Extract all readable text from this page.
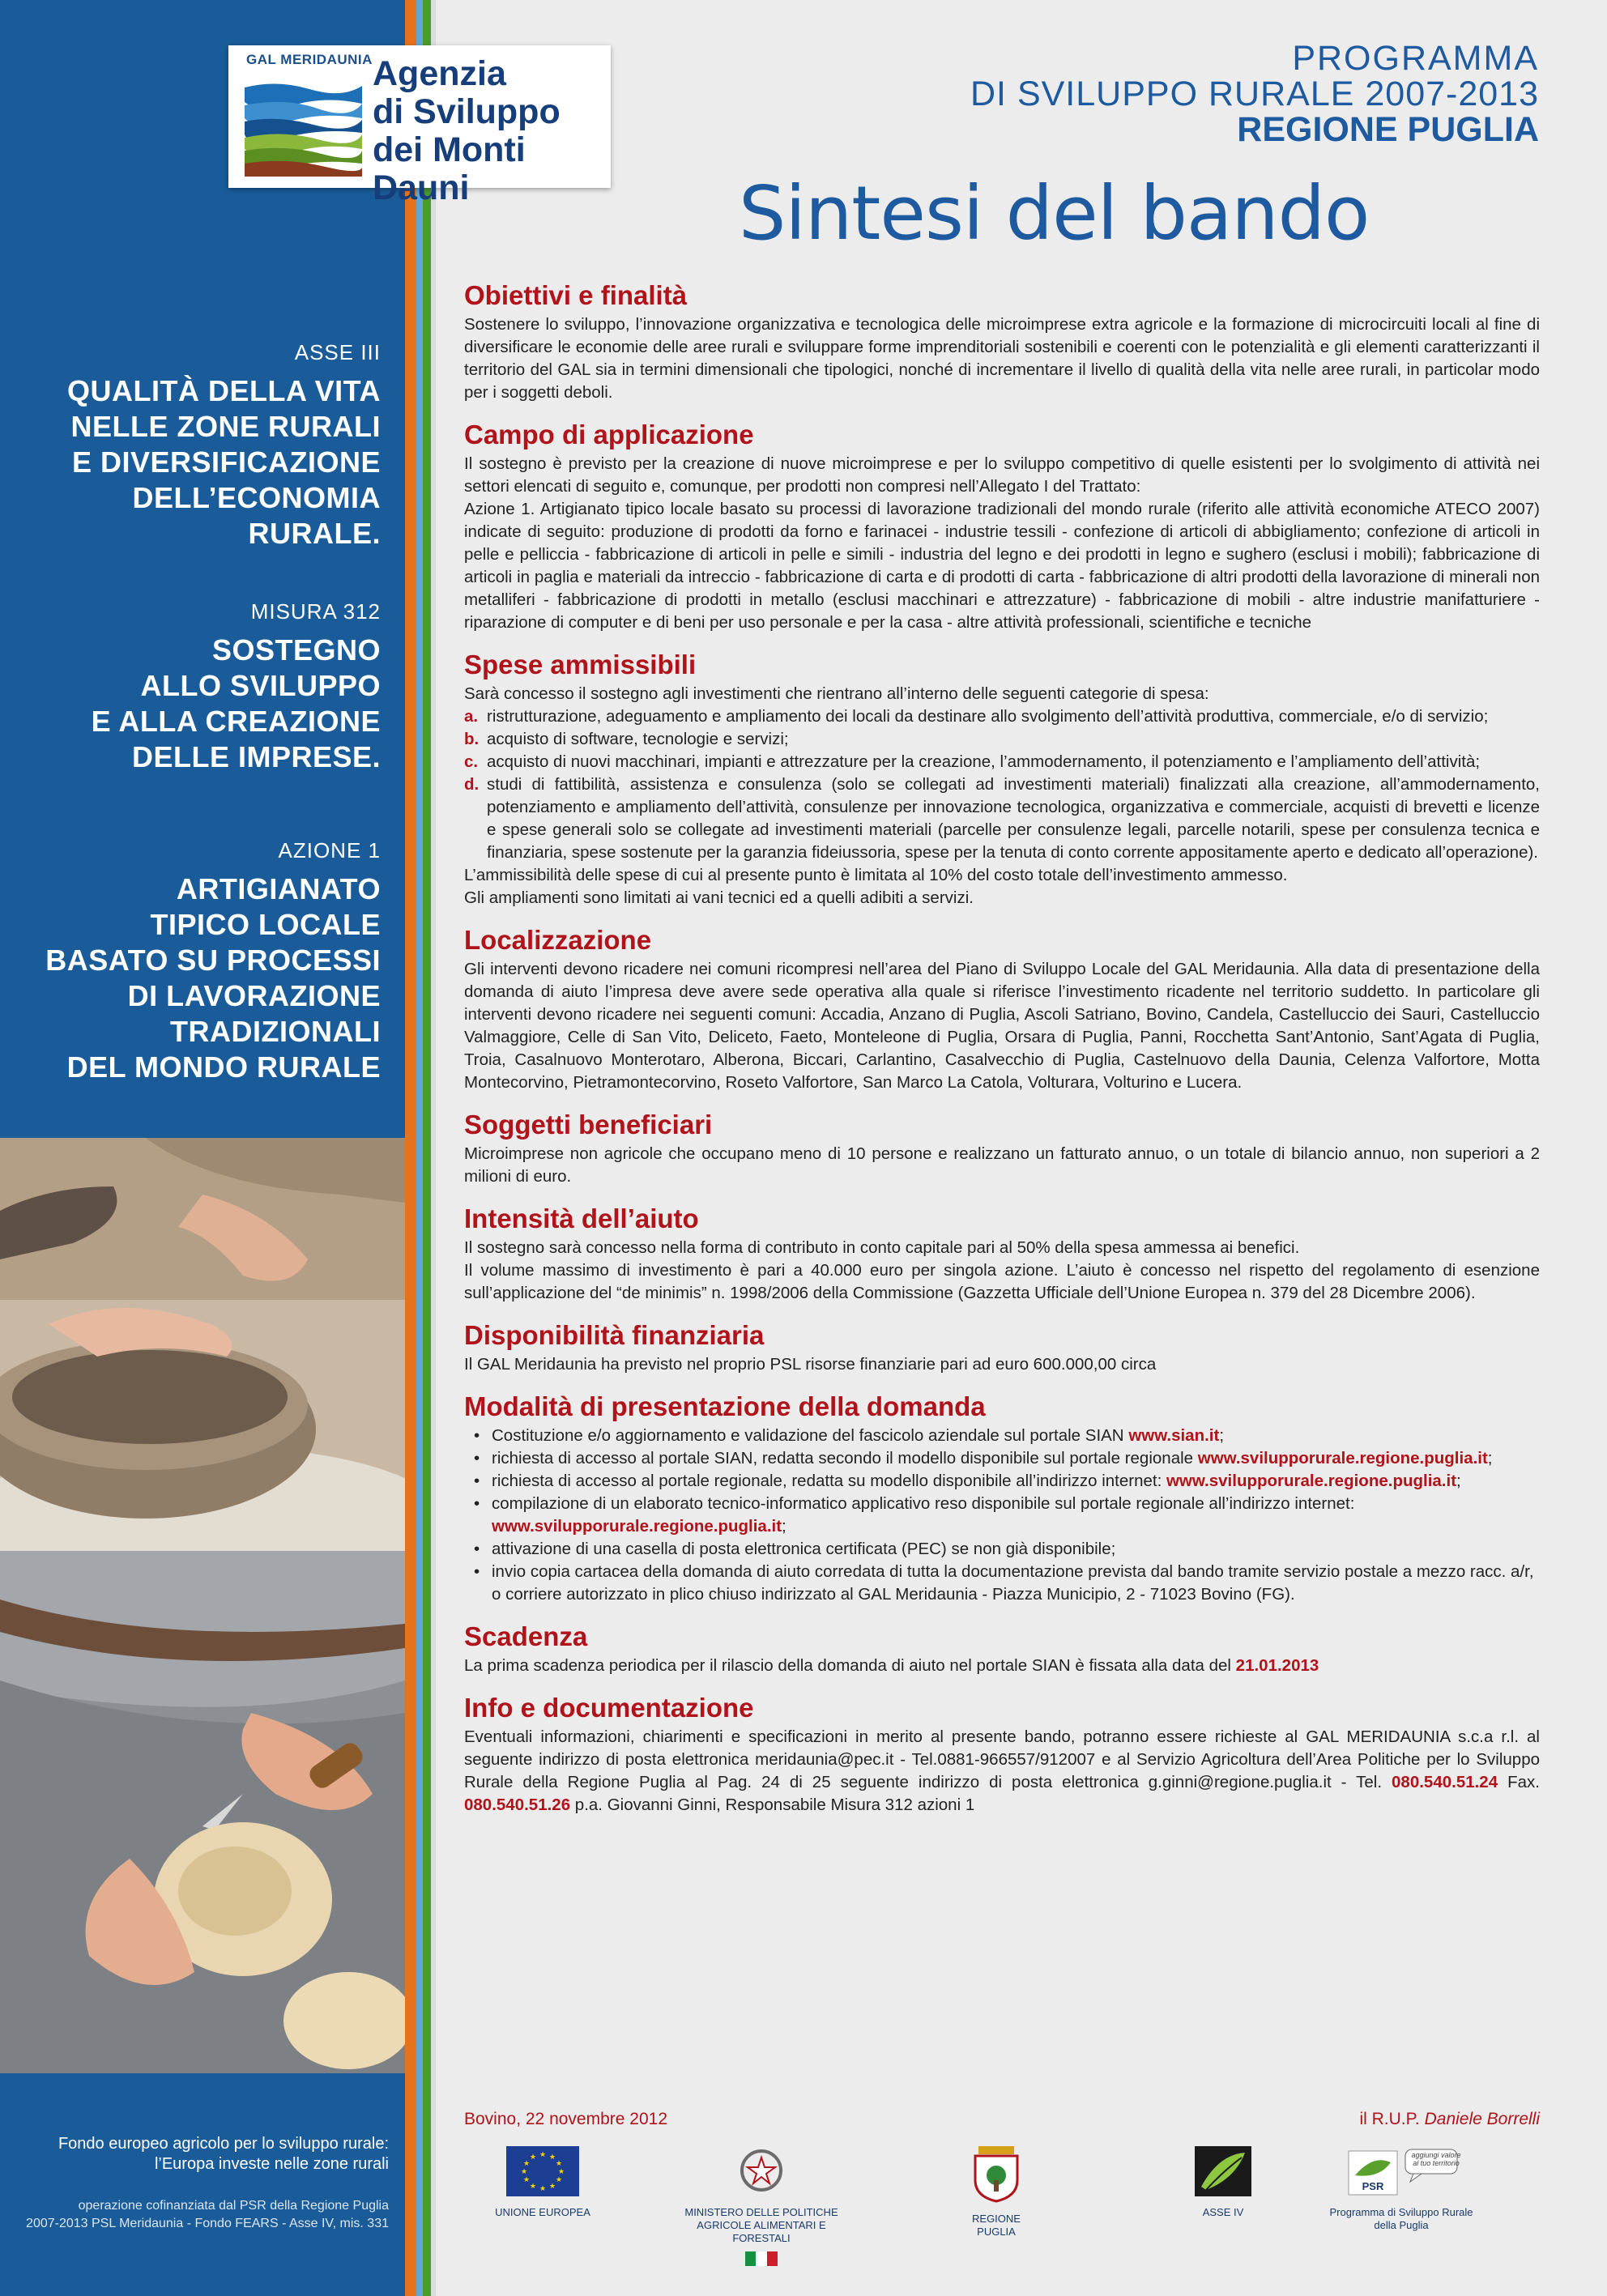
GAL MERIDAUNIA Agenzia
di Sviluppo
dei Monti Dauni
ASSE III
QUALITÀ DELLA VITA
NELLE ZONE RURALI
E DIVERSIFICAZIONE
DELL’ECONOMIA
RURALE.
MISURA 312
SOSTEGNO
ALLO SVILUPPO
E ALLA CREAZIONE
DELLE IMPRESE.
AZIONE 1
ARTIGIANATO
TIPICO LOCALE
BASATO SU PROCESSI
DI LAVORAZIONE
TRADIZIONALI
DEL MONDO RURALE
Fondo europeo agricolo per lo sviluppo rurale:
l’Europa investe nelle zone rurali
operazione cofinanziata dal PSR della Regione Puglia
2007-2013 PSL Meridaunia - Fondo FEARS - Asse IV, mis. 331
PROGRAMMA
DI SVILUPPO RURALE 2007-2013
REGIONE PUGLIA
Sintesi del bando
Obiettivi e finalità

Sostenere lo sviluppo, l’innovazione organizzativa e tecnologica delle microimprese extra agricole e la formazione di microcircuiti locali al fine di diversificare le economie delle aree rurali e sviluppare forme imprenditoriali sostenibili e coerenti con le potenzialità e gli elementi caratterizzanti il territorio del GAL sia in termini dimensionali che tipologici, nonché di incrementare il livello di qualità della vita nelle aree rurali, in particolar modo per i soggetti deboli.

Campo di applicazione

Il sostegno è previsto per la creazione di nuove microimprese e per lo sviluppo competitivo di quelle esistenti per lo svolgimento di attività nei settori elencati di seguito e, comunque, per prodotti non compresi nell’Allegato I del Trattato:

Azione 1. Artigianato tipico locale basato su processi di lavorazione tradizionali del mondo rurale (riferito alle attività economiche ATECO 2007) indicate di seguito: produzione di prodotti da forno e farinacei - industrie tessili - confezione di articoli di abbigliamento; confezione di articoli in pelle e pelliccia - fabbricazione di articoli in pelle e simili - industria del legno e dei prodotti in legno e sughero (esclusi i mobili); fabbricazione di articoli in paglia e materiali da intreccio - fabbricazione di carta e di prodotti di carta - fabbricazione di altri prodotti della lavorazione di minerali non metalliferi - fabbricazione di prodotti in metallo (esclusi macchinari e attrezzature) - fabbricazione di mobili - altre industrie manifatturiere - riparazione di computer e di beni per uso personale e per la casa - altre attività professionali, scientifiche e tecniche

Spese ammissibili

Sarà concesso il sostegno agli investimenti che rientrano all’interno delle seguenti categorie di spesa:

a. ristrutturazione, adeguamento e ampliamento dei locali da destinare allo svolgimento dell’attività produttiva, commerciale, e/o di servizio;
b. acquisto di software, tecnologie e servizi;
c. acquisto di nuovi macchinari, impianti e attrezzature per la creazione, l’ammodernamento, il potenziamento e l’ampliamento dell’attività;
d. studi di fattibilità, assistenza e consulenza (solo se collegati ad investimenti materiali) finalizzati alla creazione, all’ammodernamento, potenziamento e ampliamento dell’attività, consulenze per innovazione tecnologica, organizzativa e commerciale, acquisti di brevetti e licenze e spese generali solo se collegate ad investimenti materiali (parcelle per consulenze legali, parcelle notarili, spese per consulenza tecnica e finanziaria, spese sostenute per la garanzia fideiussoria, spese per la tenuta di conto corrente appositamente aperto e dedicato all’operazione).

L’ammissibilità delle spese di cui al presente punto è limitata al 10% del costo totale dell’investimento ammesso.

Gli ampliamenti sono limitati ai vani tecnici ed a quelli adibiti a servizi.

Localizzazione

Gli interventi devono ricadere nei comuni ricompresi nell’area del Piano di Sviluppo Locale del GAL Meridaunia. Alla data di presentazione della domanda di aiuto l’impresa deve avere sede operativa alla quale si riferisce l’investimento ricadente nel territorio suddetto. In particolare gli interventi devono ricadere nei seguenti comuni: Accadia, Anzano di Puglia, Ascoli Satriano, Bovino, Candela, Castelluccio dei Sauri, Castelluccio Valmaggiore, Celle di San Vito, Deliceto, Faeto, Monteleone di Puglia, Orsara di Puglia, Panni, Rocchetta Sant’Antonio, Sant’Agata di Puglia, Troia, Casalnuovo Monterotaro, Alberona, Biccari, Carlantino, Casalvecchio di Puglia, Castelnuovo della Daunia, Celenza Valfortore, Motta Montecorvino, Pietramontecorvino, Roseto Valfortore, San Marco La Catola, Volturara, Volturino e Lucera.

Soggetti beneficiari

Microimprese non agricole che occupano meno di 10 persone e realizzano un fatturato annuo, o un totale di bilancio annuo, non superiori a 2 milioni di euro.

Intensità dell’aiuto

Il sostegno sarà concesso nella forma di contributo in conto capitale pari al 50% della spesa ammessa ai benefici.

Il volume massimo di investimento è pari a 40.000 euro per singola azione. L’aiuto è concesso nel rispetto del regolamento di esenzione sull’applicazione del “de minimis” n. 1998/2006 della Commissione (Gazzetta Ufficiale dell’Unione Europea n. 379 del 28 Dicembre 2006).

Disponibilità finanziaria

Il GAL Meridaunia ha previsto nel proprio PSL risorse finanziarie pari ad euro 600.000,00 circa

Modalità di presentazione della domanda
• Costituzione e/o aggiornamento e validazione del fascicolo aziendale sul portale SIAN www.sian.it;
• richiesta di accesso al portale SIAN, redatta secondo il modello disponibile sul portale regionale www.svilupporurale.regione.puglia.it;
• richiesta di accesso al portale regionale, redatta su modello disponibile all’indirizzo internet: www.svilupporurale.regione.puglia.it;
• compilazione di un elaborato tecnico-informatico applicativo reso disponibile sul portale regionale all’indirizzo internet: www.svilupporurale.regione.puglia.it;
• attivazione di una casella di posta elettronica certificata (PEC) se non già disponibile;
• invio copia cartacea della domanda di aiuto corredata di tutta la documentazione prevista dal bando tramite servizio postale a mezzo racc. a/r, o corriere autorizzato in plico chiuso indirizzato al GAL Meridaunia - Piazza Municipio, 2 - 71023 Bovino (FG).
Scadenza

La prima scadenza periodica per il rilascio della domanda di aiuto nel portale SIAN è fissata alla data del 21.01.2013

Info e documentazione

Eventuali informazioni, chiarimenti e specificazioni in merito al presente bando, potranno essere richieste al GAL MERIDAUNIA s.c.a r.l. al seguente indirizzo di posta elettronica meridaunia@pec.it - Tel.0881-966557/912007 e al Servizio Agricoltura dell’Area Politiche per lo Sviluppo Rurale della Regione Puglia al Pag. 24 di 25 seguente indirizzo di posta elettronica g.ginni@regione.puglia.it - Tel. 080.540.51.24 Fax. 080.540.51.26 p.a. Giovanni Ginni, Responsabile Misura 312 azioni 1

Bovino, 22 novembre 2012	il R.U.P. Daniele Borrelli
★ ★
★
★
★
★
★
★
★
★
★
★
UNIONE EUROPEA	MINISTERO DELLE POLITICHE AGRICOLE ALIMENTARI E FORESTALI
REGIONE PUGLIA
ASSE IV
PSR
aggiungi valore al tuo territorio
Programma di Sviluppo Rurale della Puglia
